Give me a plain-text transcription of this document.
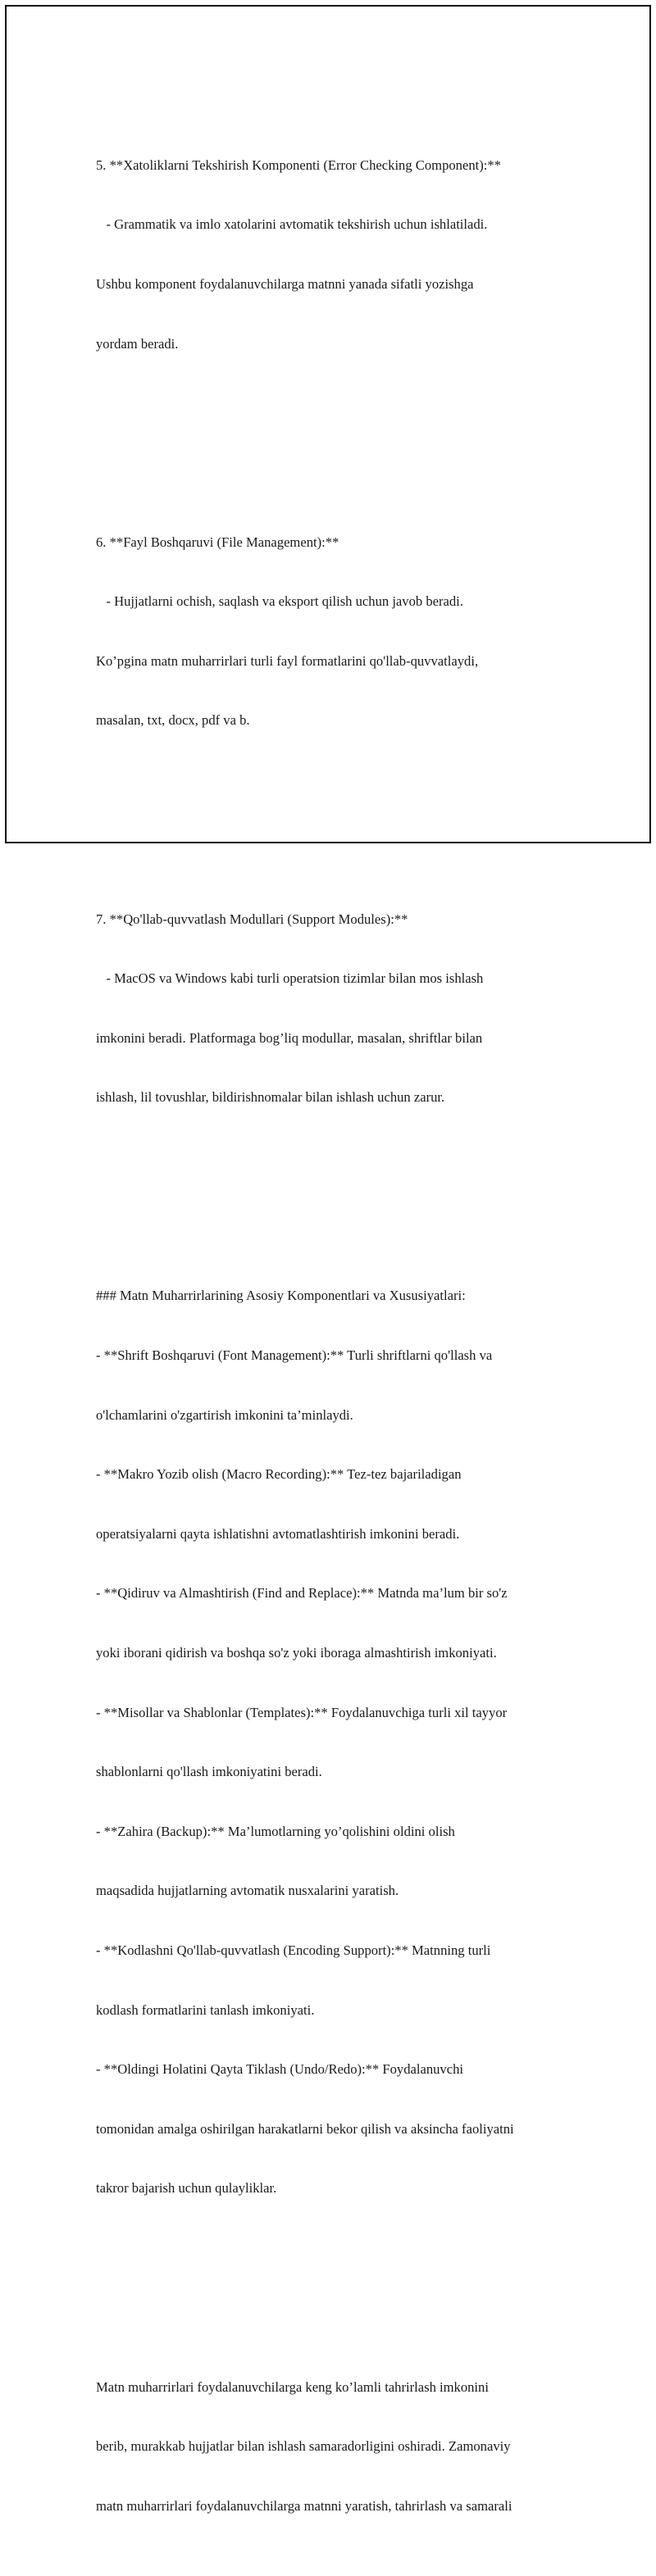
5. **Xatoliklarni Tekshirish Komponenti (Error Checking Component):**

- Grammatik va imlo xatolarini avtomatik tekshirish uchun ishlatiladi.

Ushbu komponent foydalanuvchilarga matnni yanada sifatli yozishga

yordam beradi.

6. **Fayl Boshqaruvi (File Management):**

- Hujjatlarni ochish, saqlash va eksport qilish uchun javob beradi.

Ko’pgina matn muharrirlari turli fayl formatlarini qo'llab-quvvatlaydi,

masalan, txt, docx, pdf va b.

7. **Qo'llab-quvvatlash Modullari (Support Modules):**

- MacOS va Windows kabi turli operatsion tizimlar bilan mos ishlash

imkonini beradi. Platformaga bog’liq modullar, masalan, shriftlar bilan

ishlash, lil tovushlar, bildirishnomalar bilan ishlash uchun zarur.

### Matn Muharrirlarining Asosiy Komponentlari va Xususiyatlari:

- **Shrift Boshqaruvi (Font Management):** Turli shriftlarni qo'llash va

o'lchamlarini o'zgartirish imkonini ta’minlaydi.

- **Makro Yozib olish (Macro Recording):** Tez-tez bajariladigan

operatsiyalarni qayta ishlatishni avtomatlashtirish imkonini beradi.

- **Qidiruv va Almashtirish (Find and Replace):** Matnda ma’lum bir so'z

yoki iborani qidirish va boshqa so'z yoki iboraga almashtirish imkoniyati.

- **Misollar va Shablonlar (Templates):** Foydalanuvchiga turli xil tayyor

shablonlarni qo'llash imkoniyatini beradi.

- **Zahira (Backup):** Ma’lumotlarning yo’qolishini oldini olish

maqsadida hujjatlarning avtomatik nusxalarini yaratish.

- **Kodlashni Qo'llab-quvvatlash (Encoding Support):** Matnning turli

kodlash formatlarini tanlash imkoniyati.

- **Oldingi Holatini Qayta Tiklash (Undo/Redo):** Foydalanuvchi

tomonidan amalga oshirilgan harakatlarni bekor qilish va aksincha faoliyatni

takror bajarish uchun qulayliklar.

Matn muharrirlari foydalanuvchilarga keng ko’lamli tahrirlash imkonini

berib, murakkab hujjatlar bilan ishlash samaradorligini oshiradi. Zamonaviy

matn muharrirlari foydalanuvchilarga matnni yaratish, tahrirlash va samarali
